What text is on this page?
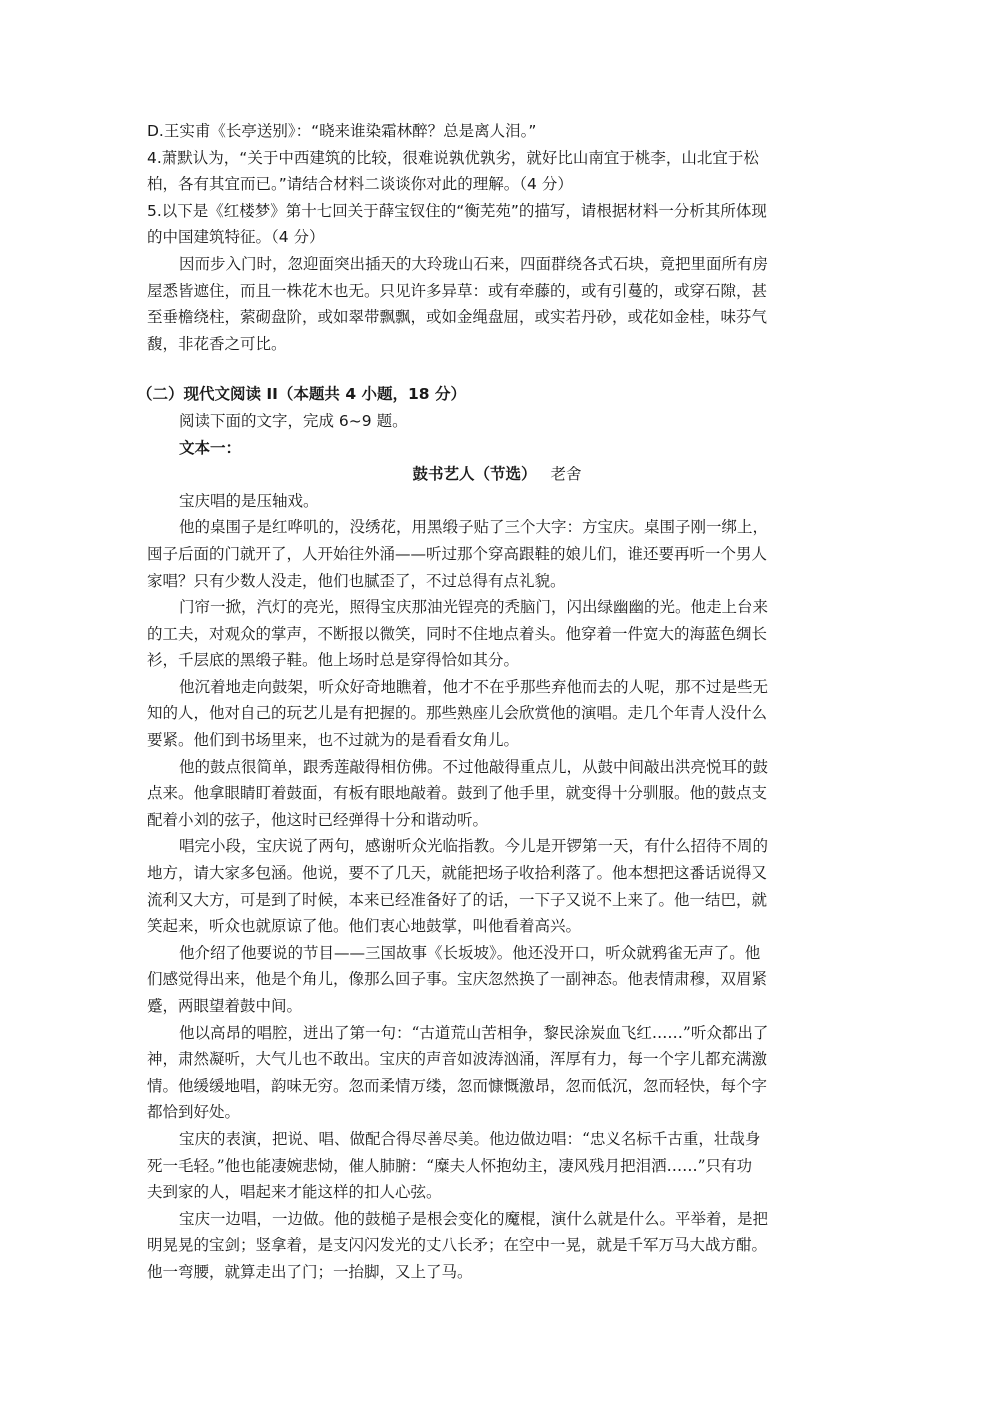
D.王实甫《长亭送别》：“晓来谁染霜林醉？总是离人泪。”
4.萧默认为，“关于中西建筑的比较，很难说孰优孰劣，就好比山南宜于桃李，山北宜于松
柏，各有其宜而已。”请结合材料二谈谈你对此的理解。（4 分）
5.以下是《红楼梦》第十七回关于薛宝钗住的“衡芜苑”的描写，请根据材料一分析其所体现
的中国建筑特征。（4 分）
因而步入门时，忽迎面突出插天的大玲珑山石来，四面群绕各式石块，竟把里面所有房
屋悉皆遮住，而且一株花木也无。只见许多异草：或有牵藤的，或有引蔓的，或穿石隙，甚
至垂檐绕柱，萦砌盘阶，或如翠带飘飘，或如金绳盘屈，或实若丹砂，或花如金桂，味芬气
馥，非花香之可比。
（二）现代文阅读 II（本题共 4 小题，18 分）
阅读下面的文字，完成 6~9 题。
文本一：
鼓书艺人（节选） 老舍
宝庆唱的是压轴戏。
他的桌围子是红哗叽的，没绣花，用黑缎子贴了三个大字：方宝庆。桌围子刚一绑上，
囤子后面的门就开了，人开始往外涌——听过那个穿高跟鞋的娘儿们，谁还要再听一个男人
家唱？只有少数人没走，他们也腻歪了，不过总得有点礼貌。
门帘一掀，汽灯的亮光，照得宝庆那油光锃亮的秃脑门，闪出绿幽幽的光。他走上台来
的工夫，对观众的掌声，不断报以微笑，同时不住地点着头。他穿着一件宽大的海蓝色绸长
衫，千层底的黑缎子鞋。他上场时总是穿得恰如其分。
他沉着地走向鼓架，听众好奇地瞧着，他才不在乎那些弃他而去的人呢，那不过是些无
知的人，他对自己的玩艺儿是有把握的。那些熟座儿会欣赏他的演唱。走几个年青人没什么
要紧。他们到书场里来，也不过就为的是看看女角儿。
他的鼓点很简单，跟秀莲敲得相仿佛。不过他敲得重点儿，从鼓中间敲出洪亮悦耳的鼓
点来。他拿眼睛盯着鼓面，有板有眼地敲着。鼓到了他手里，就变得十分驯服。他的鼓点支
配着小刘的弦子，他这时已经弹得十分和谐动听。
唱完小段，宝庆说了两句，感谢听众光临指教。今儿是开锣第一天，有什么招待不周的
地方，请大家多包涵。他说，要不了几天，就能把场子收拾利落了。他本想把这番话说得又
流利又大方，可是到了时候，本来已经准备好了的话，一下子又说不上来了。他一结巴，就
笑起来，听众也就原谅了他。他们衷心地鼓掌，叫他看着高兴。
他介绍了他要说的节目——三国故事《长坂坡》。他还没开口，听众就鸦雀无声了。他
们感觉得出来，他是个角儿，像那么回子事。宝庆忽然换了一副神态。他表情肃穆，双眉紧
蹙，两眼望着鼓中间。
他以高昂的唱腔，迸出了第一句：“古道荒山苦相争，黎民涂炭血飞红……”听众都出了
神，肃然凝听，大气儿也不敢出。宝庆的声音如波涛汹涌，浑厚有力，每一个字儿都充满激
情。他缓缓地唱，韵味无穷。忽而柔情万缕，忽而慷慨激昂，忽而低沉，忽而轻快，每个字
都恰到好处。
宝庆的表演，把说、唱、做配合得尽善尽美。他边做边唱：“忠义名标千古重，壮哉身
死一毛轻。”他也能凄婉悲恸，催人肺腑：“糜夫人怀抱幼主，凄风残月把泪洒……”只有功
夫到家的人，唱起来才能这样的扣人心弦。
宝庆一边唱，一边做。他的鼓槌子是根会变化的魔棍，演什么就是什么。平举着，是把
明晃晃的宝剑；竖拿着，是支闪闪发光的丈八长矛；在空中一晃，就是千军万马大战方酣。
他一弯腰，就算走出了门；一抬脚，又上了马。
